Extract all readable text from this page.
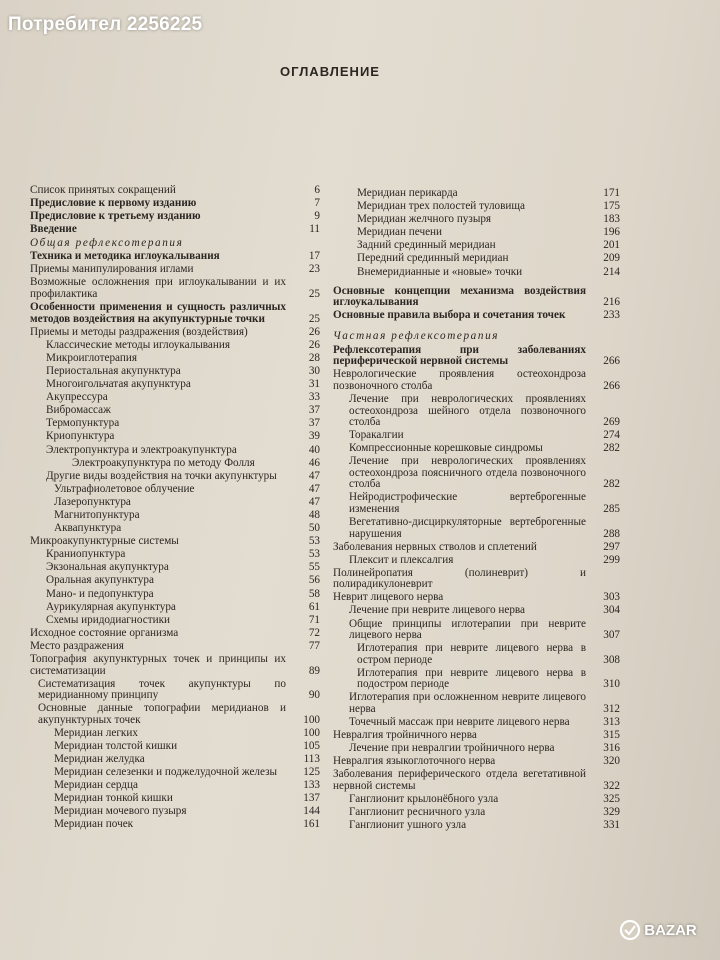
Потребител 2256225
ОГЛАВЛЕНИЕ
Список принятых сокращений	6
Предисловие к первому изданию	7
Предисловие к третьему изданию	9
Введение	11
Общая рефлексотерапия
Техника и методика иглоукалывания	17
Приемы манипулирования иглами	23
Возможные осложнения при иглоукалывании и их профилактика	25
Особенности применения и сущность различных методов воздействия на акупунктурные точки	25
Приемы и методы раздражения (воздействия)	26
Классические методы иглоукалывания	26
Микроиглотерапия	28
Периостальная акупунктура	30
Многоигольчатая акупунктура	31
Акупрессура	33
Вибромассаж	37
Термопунктура	37
Криопунктура	39
Электропунктура и электроакупунктура	40
Электроакупунктура по методу Фолля	46
Другие виды воздействия на точки акупунктуры	47
Ультрафиолетовое облучение	47
Лазеропунктура	47
Магнитопунктура	48
Аквапунктура	50
Микроакупунктурные системы	53
Краниопунктура	53
Экзональная акупунктура	55
Оральная акупунктура	56
Мано- и педопунктура	58
Аурикулярная акупунктура	61
Схемы иридодиагностики	71
Исходное состояние организма	72
Место раздражения	77
Топография акупунктурных точек и принципы их систематизации	89
Систематизация точек акупунктуры по меридианному принципу	90
Основные данные топографии меридианов и акупунктурных точек	100
Меридиан легких	100
Меридиан толстой кишки	105
Меридиан желудка	113
Меридиан селезенки и поджелудочной железы	125
Меридиан сердца	133
Меридиан тонкой кишки	137
Меридиан мочевого пузыря	144
Меридиан почек	161
Меридиан перикарда	171
Меридиан трех полостей туловища	175
Меридиан желчного пузыря	183
Меридиан печени	196
Задний срединный меридиан	201
Передний срединный меридиан	209
Внемеридианные и «новые» точки	214
Основные концепции механизма воздействия иглоукалывания	216
Основные правила выбора и сочетания точек	233
Частная рефлексотерапия
Рефлексотерапия при заболеваниях периферической нервной системы	266
Неврологические проявления остеохондроза позвоночного столба	266
Лечение при неврологических проявлениях остеохондроза шейного отдела позвоночного столба	269
Торакалгии	274
Компрессионные корешковые синдромы	282
Лечение при неврологических проявлениях остеохондроза поясничного отдела позвоночного столба	282
Нейродистрофические вертеброгенные изменения	285
Вегетативно-дисциркуляторные вертеброгенные нарушения	288
Заболевания нервных стволов и сплетений	297
Плексит и плексалгия	299
Полинейропатия (полиневрит) и полирадикулоневрит
Неврит лицевого нерва	303
Лечение при неврите лицевого нерва	304
Общие принципы иглотерапии при неврите лицевого нерва	307
Иглотерапия при неврите лицевого нерва в остром периоде	308
Иглотерапия при неврите лицевого нерва в подостром периоде	310
Иглотерапия при осложненном неврите лицевого нерва	312
Точечный массаж при неврите лицевого нерва	313
Невралгия тройничного нерва	315
Лечение при невралгии тройничного нерва	316
Невралгия языкоглоточного нерва	320
Заболевания периферического отдела вегетативной нервной системы	322
Ганглионит крылонёбного узла	325
Ганглионит ресничного узла	329
Ганглионит ушного узла	331
BAZAR
